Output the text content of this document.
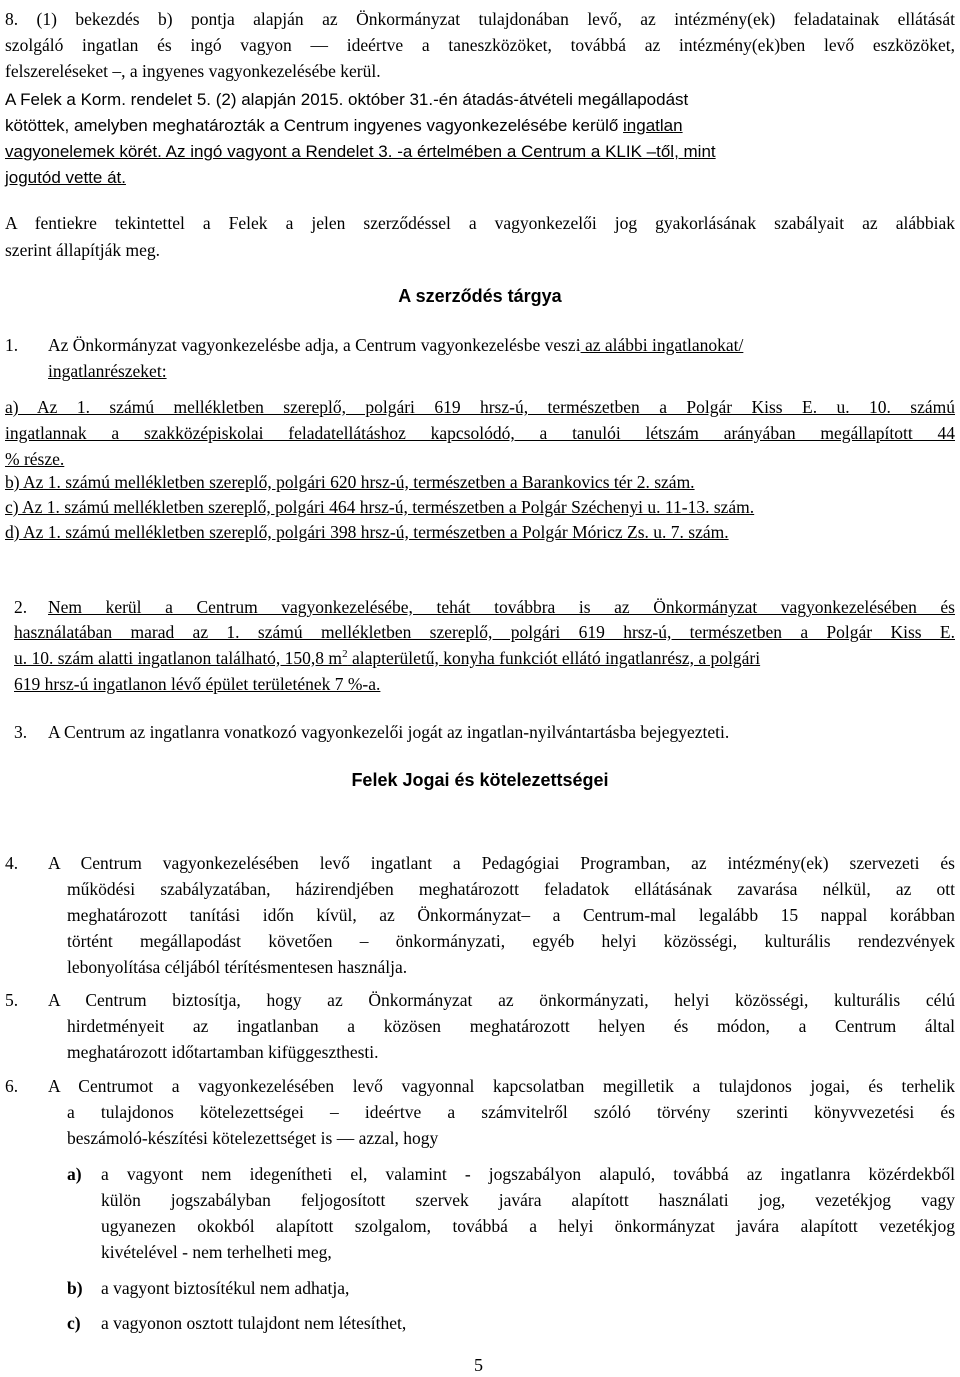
8. (1) bekezdés b) pontja alapján az Önkormányzat tulajdonában levő, az intézmény(ek) feladatainak ellátását
szolgáló ingatlan és ingó vagyon — ideértve a taneszközöket, továbbá az intézmény(ek)ben levő eszközöket,
felszereléseket –, a ingyenes vagyonkezelésébe kerül.
A Felek a Korm. rendelet 5. (2) alapján 2015. október 31.-én átadás-átvételi megállapodást
kötöttek, amelyben meghatározták a Centrum ingyenes vagyonkezelésébe kerülő ingatlan
vagyonelemek körét. Az ingó vagyont a Rendelet 3. -a értelmében a Centrum a KLIK –től, mint
jogutód vette át.
A fentiekre tekintettel a Felek a jelen szerződéssel a vagyonkezelői jog gyakorlásának szabályait az alábbiak
szerint állapítják meg.
A szerződés tárgya
1. Az Önkormányzat vagyonkezelésbe adja, a Centrum vagyonkezelésbe veszi az alábbi ingatlanokat/
ingatlanrészeket:
a) Az 1. számú mellékletben szereplő, polgári 619 hrsz-ú, természetben a Polgár Kiss E. u. 10. számú
ingatlannak a szakközépiskolai feladatellátáshoz kapcsolódó, a tanulói létszám arányában megállapított 44
% része.
b) Az 1. számú mellékletben szereplő, polgári 620 hrsz-ú, természetben a Barankovics tér 2. szám.
c) Az 1. számú mellékletben szereplő, polgári 464 hrsz-ú, természetben a Polgár Széchenyi u. 11-13. szám.
d) Az 1. számú mellékletben szereplő, polgári 398 hrsz-ú, természetben a Polgár Móricz Zs. u. 7. szám.
2. Nem kerül a Centrum vagyonkezelésébe, tehát továbbra is az Önkormányzat vagyonkezelésében és
használatában marad az 1. számú mellékletben szereplő, polgári 619 hrsz-ú, természetben a Polgár Kiss E.
u. 10. szám alatti ingatlanon található, 150,8 $m^2$ alapterületű, konyha funkciót ellátó ingatlanrész, a polgári
619 hrsz-ú ingatlanon lévő épület területének 7 %-a.
3. A Centrum az ingatlanra vonatkozó vagyonkezelői jogát az ingatlan-nyilvántartásba bejegyezteti.
Felek Jogai és kötelezettségei
4. A Centrum vagyonkezelésében levő ingatlant a Pedagógiai Programban, az intézmény(ek) szervezeti és
működési szabályzatában, házirendjében meghatározott feladatok ellátásának zavarása nélkül, az ott
meghatározott tanítási időn kívül, az Önkormányzat– a Centrum-mal legalább 15 nappal korábban
történt megállapodást követően – önkormányzati, egyéb helyi közösségi, kulturális rendezvények
lebonyolítása céljából térítésmentesen használja.
5. A Centrum biztosítja, hogy az Önkormányzat az önkormányzati, helyi közösségi, kulturális célú
hirdetményeit az ingatlanban a közösen meghatározott helyen és módon, a Centrum által
meghatározott időtartamban kifüggeszthesti.
6. A Centrumot a vagyonkezelésében levő vagyonnal kapcsolatban megilletik a tulajdonos jogai, és terhelik
a tulajdonos kötelezettségei – ideértve a számvitelről szóló törvény szerinti könyvvezetési és
beszámoló-készítési kötelezettséget is — azzal, hogy
a) a vagyont nem idegenítheti el, valamint - jogszabályon alapuló, továbbá az ingatlanra közérdekből
külön jogszabályban feljogosított szervek javára alapított használati jog, vezetékjog vagy
ugyanezen okokból alapított szolgalom, továbbá a helyi önkormányzat javára alapított vezetékjog
kivételével - nem terhelheti meg,
b) a vagyont biztosítékul nem adhatja,
c) a vagyonon osztott tulajdont nem létesíthet,
5
